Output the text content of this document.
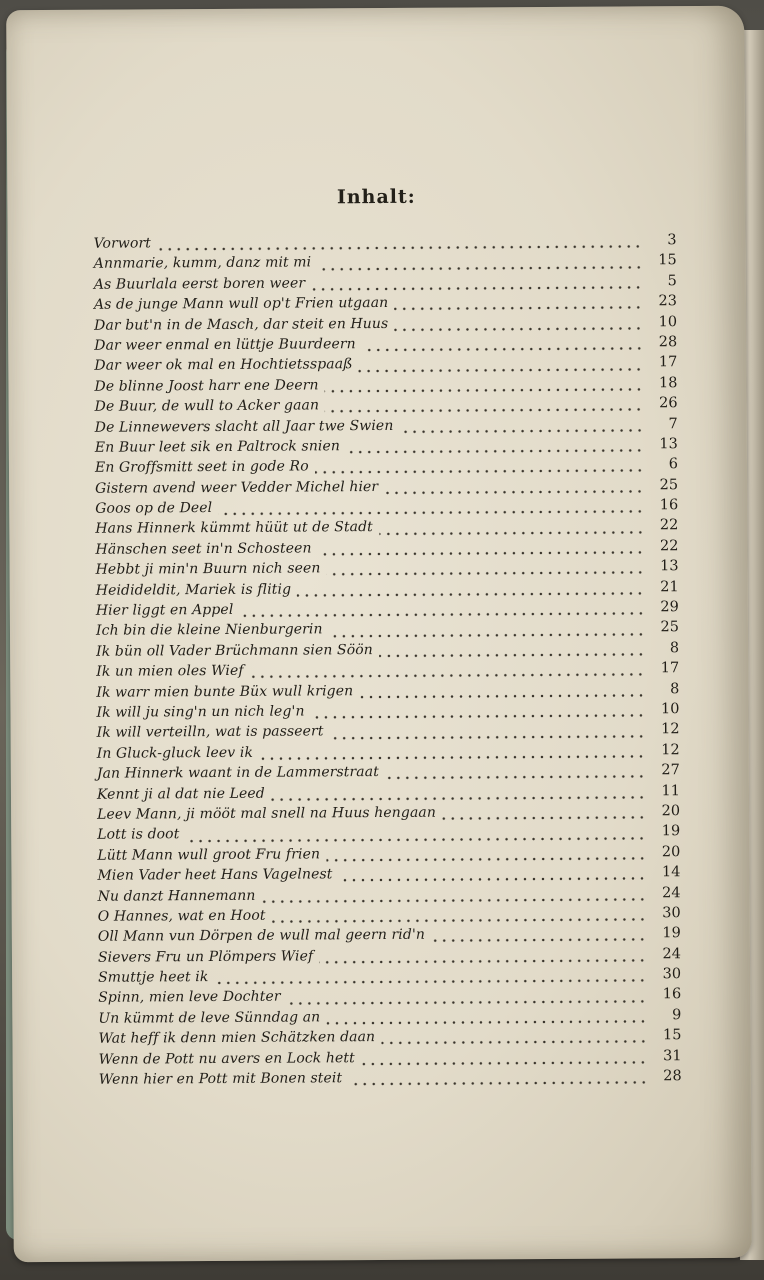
Inhalt:
Vorwort	3
Annmarie, kumm, danz mit mi	15
As Buurlala eerst boren weer	5
As de junge Mann wull op't Frien utgaan	23
Dar but'n in de Masch, dar steit en Huus	10
Dar weer enmal en lüttje Buurdeern	28
Dar weer ok mal en Hochtietsspaaß	17
De blinne Joost harr ene Deern	18
De Buur, de wull to Acker gaan	26
De Linnewevers slacht all Jaar twe Swien	7
En Buur leet sik en Paltrock snien	13
En Groffsmitt seet in gode Ro	6
Gistern avend weer Vedder Michel hier	25
Goos op de Deel	16
Hans Hinnerk kümmt hüüt ut de Stadt	22
Hänschen seet in'n Schosteen	22
Hebbt ji min'n Buurn nich seen	13
Heidideldit, Mariek is flitig	21
Hier liggt en Appel	29
Ich bin die kleine Nienburgerin	25
Ik bün oll Vader Brüchmann sien Söön	8
Ik un mien oles Wief	17
Ik warr mien bunte Büx wull krigen	8
Ik will ju sing'n un nich leg'n	10
Ik will verteilln, wat is passeert	12
In Gluck-gluck leev ik	12
Jan Hinnerk waant in de Lammerstraat	27
Kennt ji al dat nie Leed	11
Leev Mann, ji mööt mal snell na Huus hengaan	20
Lott is doot	19
Lütt Mann wull groot Fru frien	20
Mien Vader heet Hans Vagelnest	14
Nu danzt Hannemann	24
O Hannes, wat en Hoot	30
Oll Mann vun Dörpen de wull mal geern rid'n	19
Sievers Fru un Plömpers Wief	24
Smuttje heet ik	30
Spinn, mien leve Dochter	16
Un kümmt de leve Sünndag an	9
Wat heff ik denn mien Schätzken daan	15
Wenn de Pott nu avers en Lock hett	31
Wenn hier en Pott mit Bonen steit	28
